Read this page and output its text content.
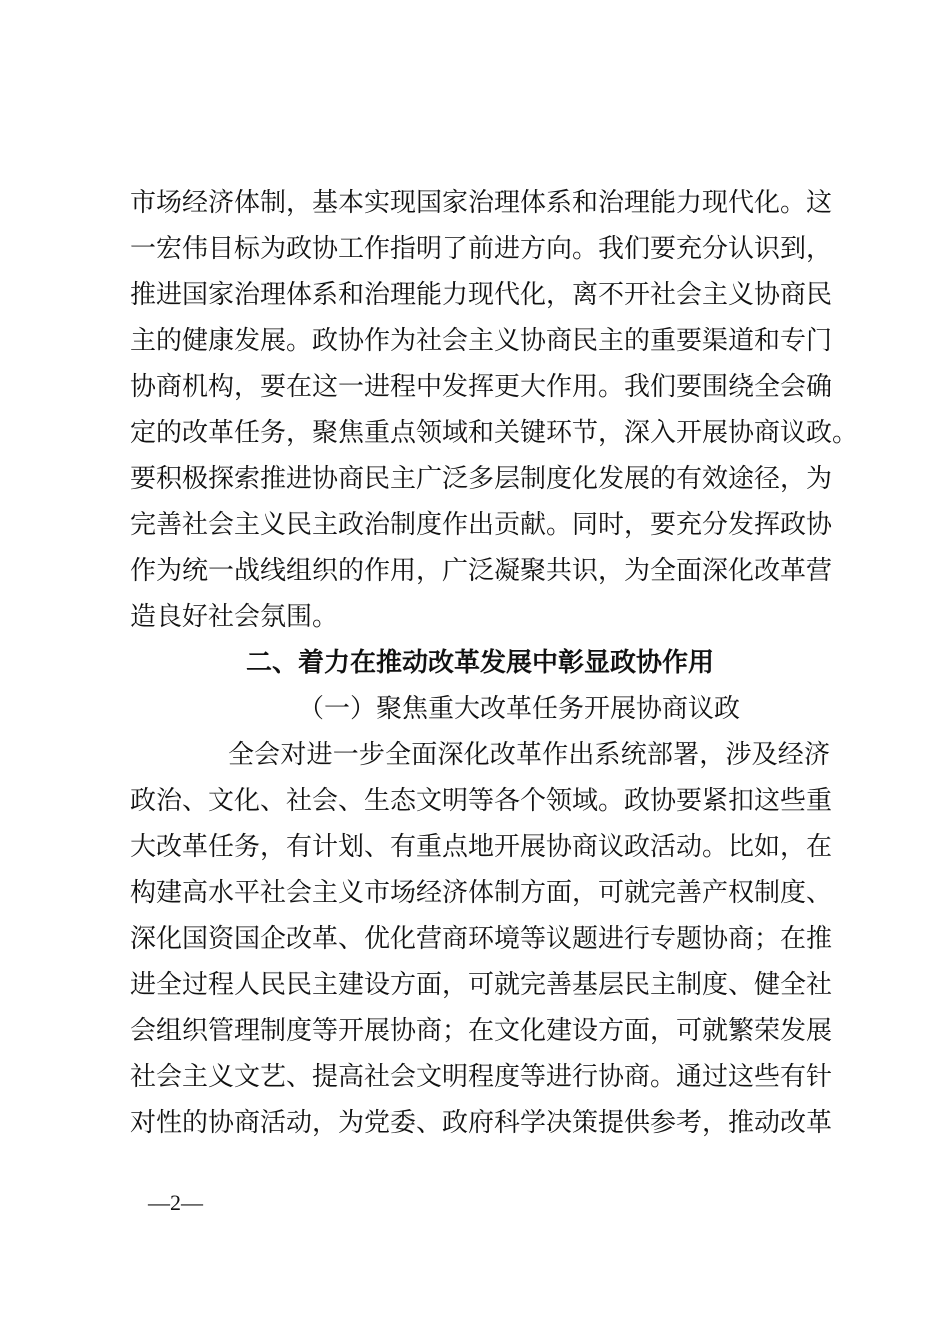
市场经济体制，基本实现国家治理体系和治理能力现代化。这
一宏伟目标为政协工作指明了前进方向。我们要充分认识到，
推进国家治理体系和治理能力现代化，离不开社会主义协商民
主的健康发展。政协作为社会主义协商民主的重要渠道和专门
协商机构，要在这一进程中发挥更大作用。我们要围绕全会确
定的改革任务，聚焦重点领域和关键环节，深入开展协商议政。
要积极探索推进协商民主广泛多层制度化发展的有效途径，为
完善社会主义民主政治制度作出贡献。同时，要充分发挥政协
作为统一战线组织的作用，广泛凝聚共识，为全面深化改革营
造良好社会氛围。
二、着力在推动改革发展中彰显政协作用
（一）聚焦重大改革任务开展协商议政
全会对进一步全面深化改革作出系统部署，涉及经济
政治、文化、社会、生态文明等各个领域。政协要紧扣这些重
大改革任务，有计划、有重点地开展协商议政活动。比如，在
构建高水平社会主义市场经济体制方面，可就完善产权制度、
深化国资国企改革、优化营商环境等议题进行专题协商；在推
进全过程人民民主建设方面，可就完善基层民主制度、健全社
会组织管理制度等开展协商；在文化建设方面，可就繁荣发展
社会主义文艺、提高社会文明程度等进行协商。通过这些有针
对性的协商活动，为党委、政府科学决策提供参考，推动改革
—2—
